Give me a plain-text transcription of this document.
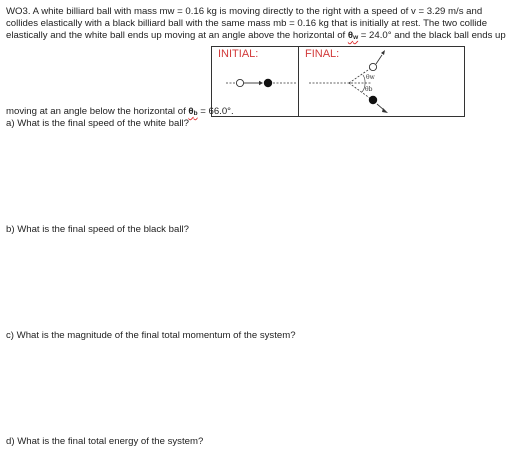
WO3. A white billiard ball with mass mw = 0.16 kg is moving directly to the right with a speed of v = 3.29 m/s and
collides elastically with a black billiard ball with the same mass mb = 0.16 kg that is initially at rest. The two collide
elastically and the white ball ends up moving at an angle above the horizontal of θw = 24.0° and the black ball ends up
INITIAL:	FINAL:
θw
θb
moving at an angle below the horizontal of θb = 66.0°.
a) What is the final speed of the white ball?
b) What is the final speed of the black ball?
c) What is the magnitude of the final total momentum of the system?
d) What is the final total energy of the system?
